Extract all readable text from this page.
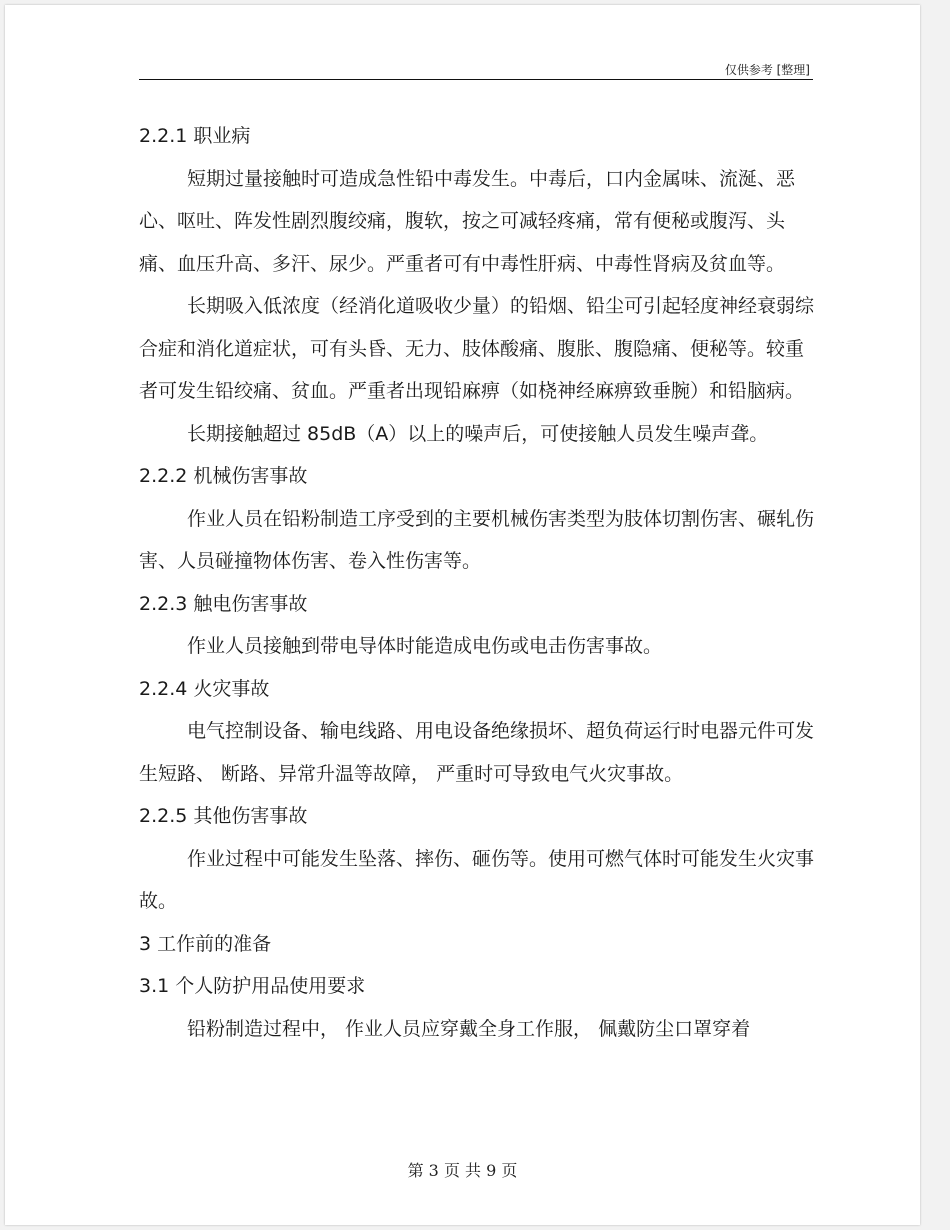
仅供参考 [整理]

2.2.1 职业病

短期过量接触时可造成急性铅中毒发生。中毒后，口内金属味、流涎、恶心、呕吐、阵发性剧烈腹绞痛，腹软，按之可减轻疼痛，常有便秘或腹泻、头痛、血压升高、多汗、尿少。严重者可有中毒性肝病、中毒性肾病及贫血等。

长期吸入低浓度（经消化道吸收少量）的铅烟、铅尘可引起轻度神经衰弱综合症和消化道症状，可有头昏、无力、肢体酸痛、腹胀、腹隐痛、便秘等。较重者可发生铅绞痛、贫血。严重者出现铅麻痹（如桡神经麻痹致垂腕）和铅脑病。

长期接触超过 85dB（A）以上的噪声后，可使接触人员发生噪声聋。

2.2.2 机械伤害事故

作业人员在铅粉制造工序受到的主要机械伤害类型为肢体切割伤害、碾轧伤害、人员碰撞物体伤害、卷入性伤害等。

2.2.3 触电伤害事故

作业人员接触到带电导体时能造成电伤或电击伤害事故。

2.2.4 火灾事故

电气控制设备、输电线路、用电设备绝缘损坏、超负荷运行时电器元件可发生短路、 断路、异常升温等故障， 严重时可导致电气火灾事故。

2.2.5 其他伤害事故

作业过程中可能发生坠落、摔伤、砸伤等。使用可燃气体时可能发生火灾事故。

3 工作前的准备

3.1 个人防护用品使用要求

铅粉制造过程中， 作业人员应穿戴全身工作服， 佩戴防尘口罩穿着

第 3 页 共 9 页
